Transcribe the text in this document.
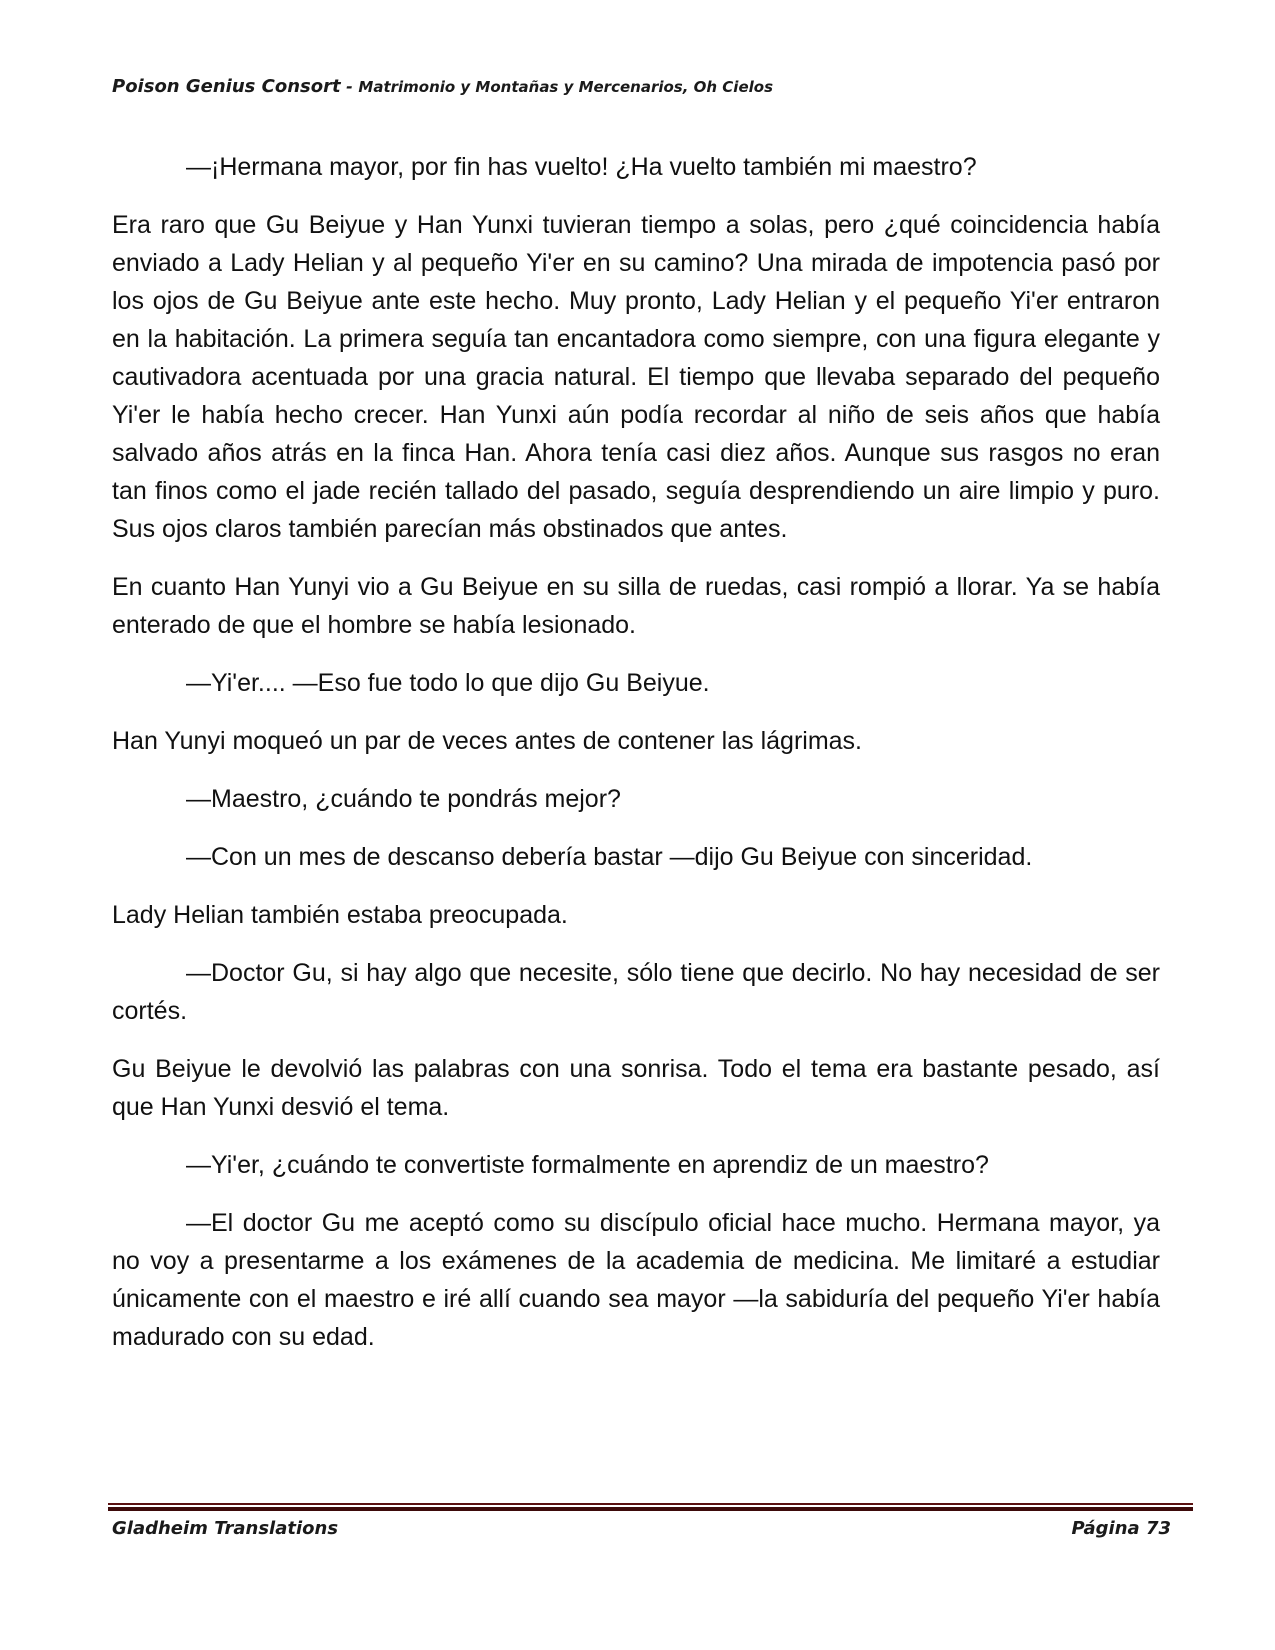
Poison Genius Consort - Matrimonio y Montañas y Mercenarios, Oh Cielos

—¡Hermana mayor, por fin has vuelto! ¿Ha vuelto también mi maestro?

Era raro que Gu Beiyue y Han Yunxi tuvieran tiempo a solas, pero ¿qué coincidencia había enviado a Lady Helian y al pequeño Yi'er en su camino? Una mirada de impotencia pasó por los ojos de Gu Beiyue ante este hecho. Muy pronto, Lady Helian y el pequeño Yi'er entraron en la habitación. La primera seguía tan encantadora como siempre, con una figura elegante y cautivadora acentuada por una gracia natural. El tiempo que llevaba separado del pequeño Yi'er le había hecho crecer. Han Yunxi aún podía recordar al niño de seis años que había salvado años atrás en la finca Han. Ahora tenía casi diez años. Aunque sus rasgos no eran tan finos como el jade recién tallado del pasado, seguía desprendiendo un aire limpio y puro. Sus ojos claros también parecían más obstinados que antes.

En cuanto Han Yunyi vio a Gu Beiyue en su silla de ruedas, casi rompió a llorar. Ya se había enterado de que el hombre se había lesionado.

—Yi'er.... —Eso fue todo lo que dijo Gu Beiyue.

Han Yunyi moqueó un par de veces antes de contener las lágrimas.

—Maestro, ¿cuándo te pondrás mejor?

—Con un mes de descanso debería bastar —dijo Gu Beiyue con sinceridad.

Lady Helian también estaba preocupada.

—Doctor Gu, si hay algo que necesite, sólo tiene que decirlo. No hay necesidad de ser cortés.

Gu Beiyue le devolvió las palabras con una sonrisa. Todo el tema era bastante pesado, así que Han Yunxi desvió el tema.

—Yi'er, ¿cuándo te convertiste formalmente en aprendiz de un maestro?

—El doctor Gu me aceptó como su discípulo oficial hace mucho. Hermana mayor, ya no voy a presentarme a los exámenes de la academia de medicina. Me limitaré a estudiar únicamente con el maestro e iré allí cuando sea mayor —la sabiduría del pequeño Yi'er había madurado con su edad.

Gladheim Translations	Página 73
